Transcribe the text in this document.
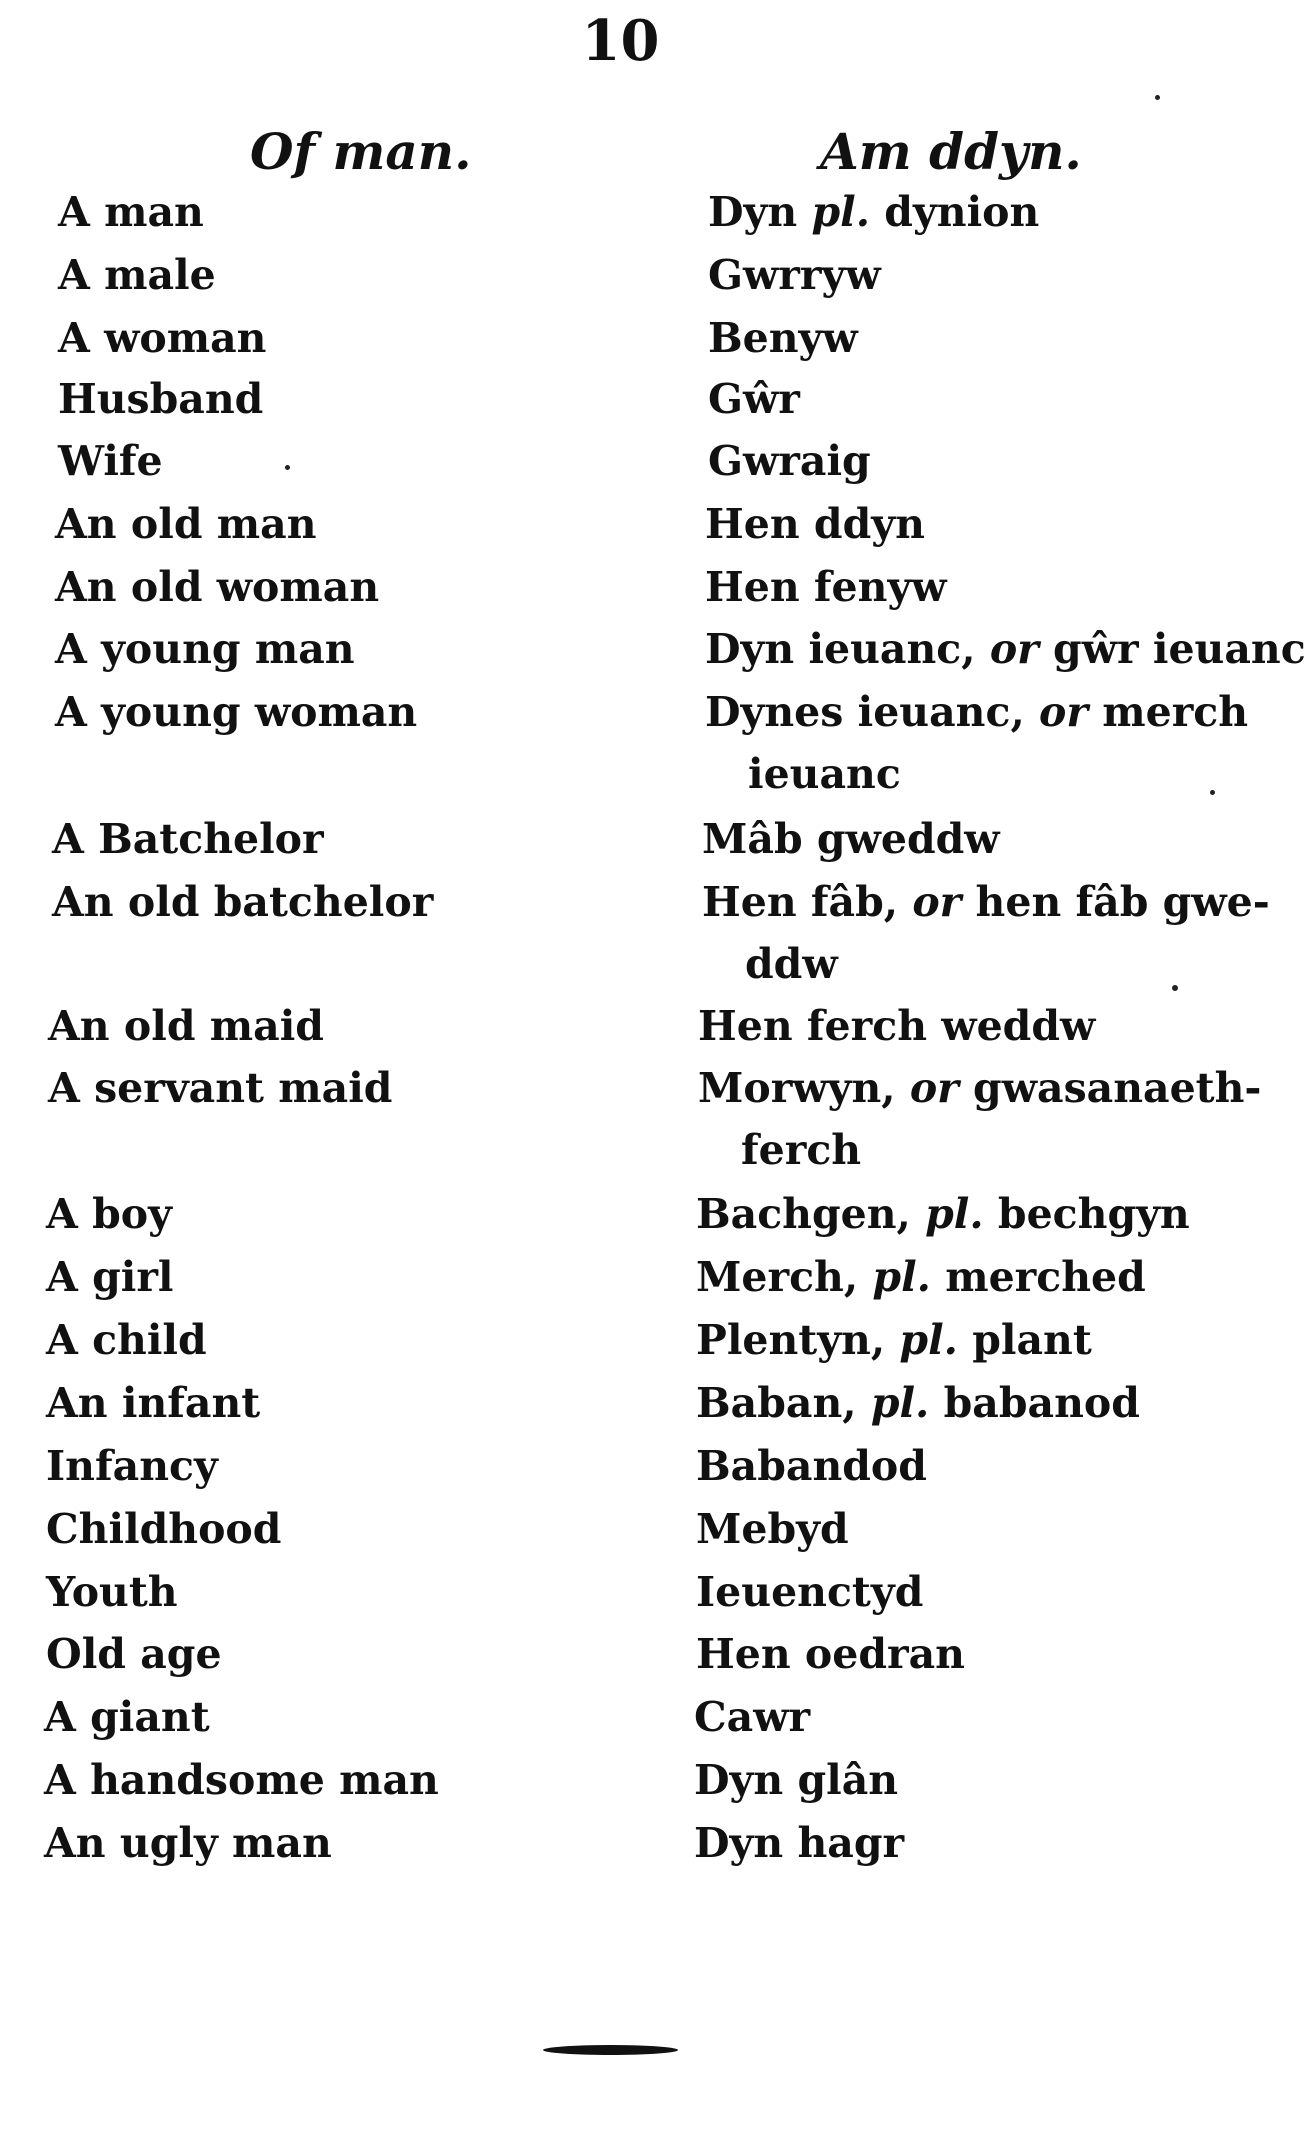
10
Of man.	Am ddyn.
A man	Dyn pl. dynion
A male	Gwrryw
A woman	Benyw
Husband	Gŵr
Wife	Gwraig
An old man	Hen ddyn
An old woman	Hen fenyw
A young man	Dyn ieuanc, or gŵr ieuanc
A young woman	Dynes ieuanc, or merch
ieuanc
A Batchelor	Mâb gweddw
An old batchelor	Hen fâb, or hen fâb gwe-
ddw
An old maid	Hen ferch weddw
A servant maid	Morwyn, or gwasanaeth-
ferch
A boy	Bachgen, pl. bechgyn
A girl	Merch, pl. merched
A child	Plentyn, pl. plant
An infant	Baban, pl. babanod
Infancy	Babandod
Childhood	Mebyd
Youth	Ieuenctyd
Old age	Hen oedran
A giant	Cawr
A handsome man	Dyn glân
An ugly man	Dyn hagr
